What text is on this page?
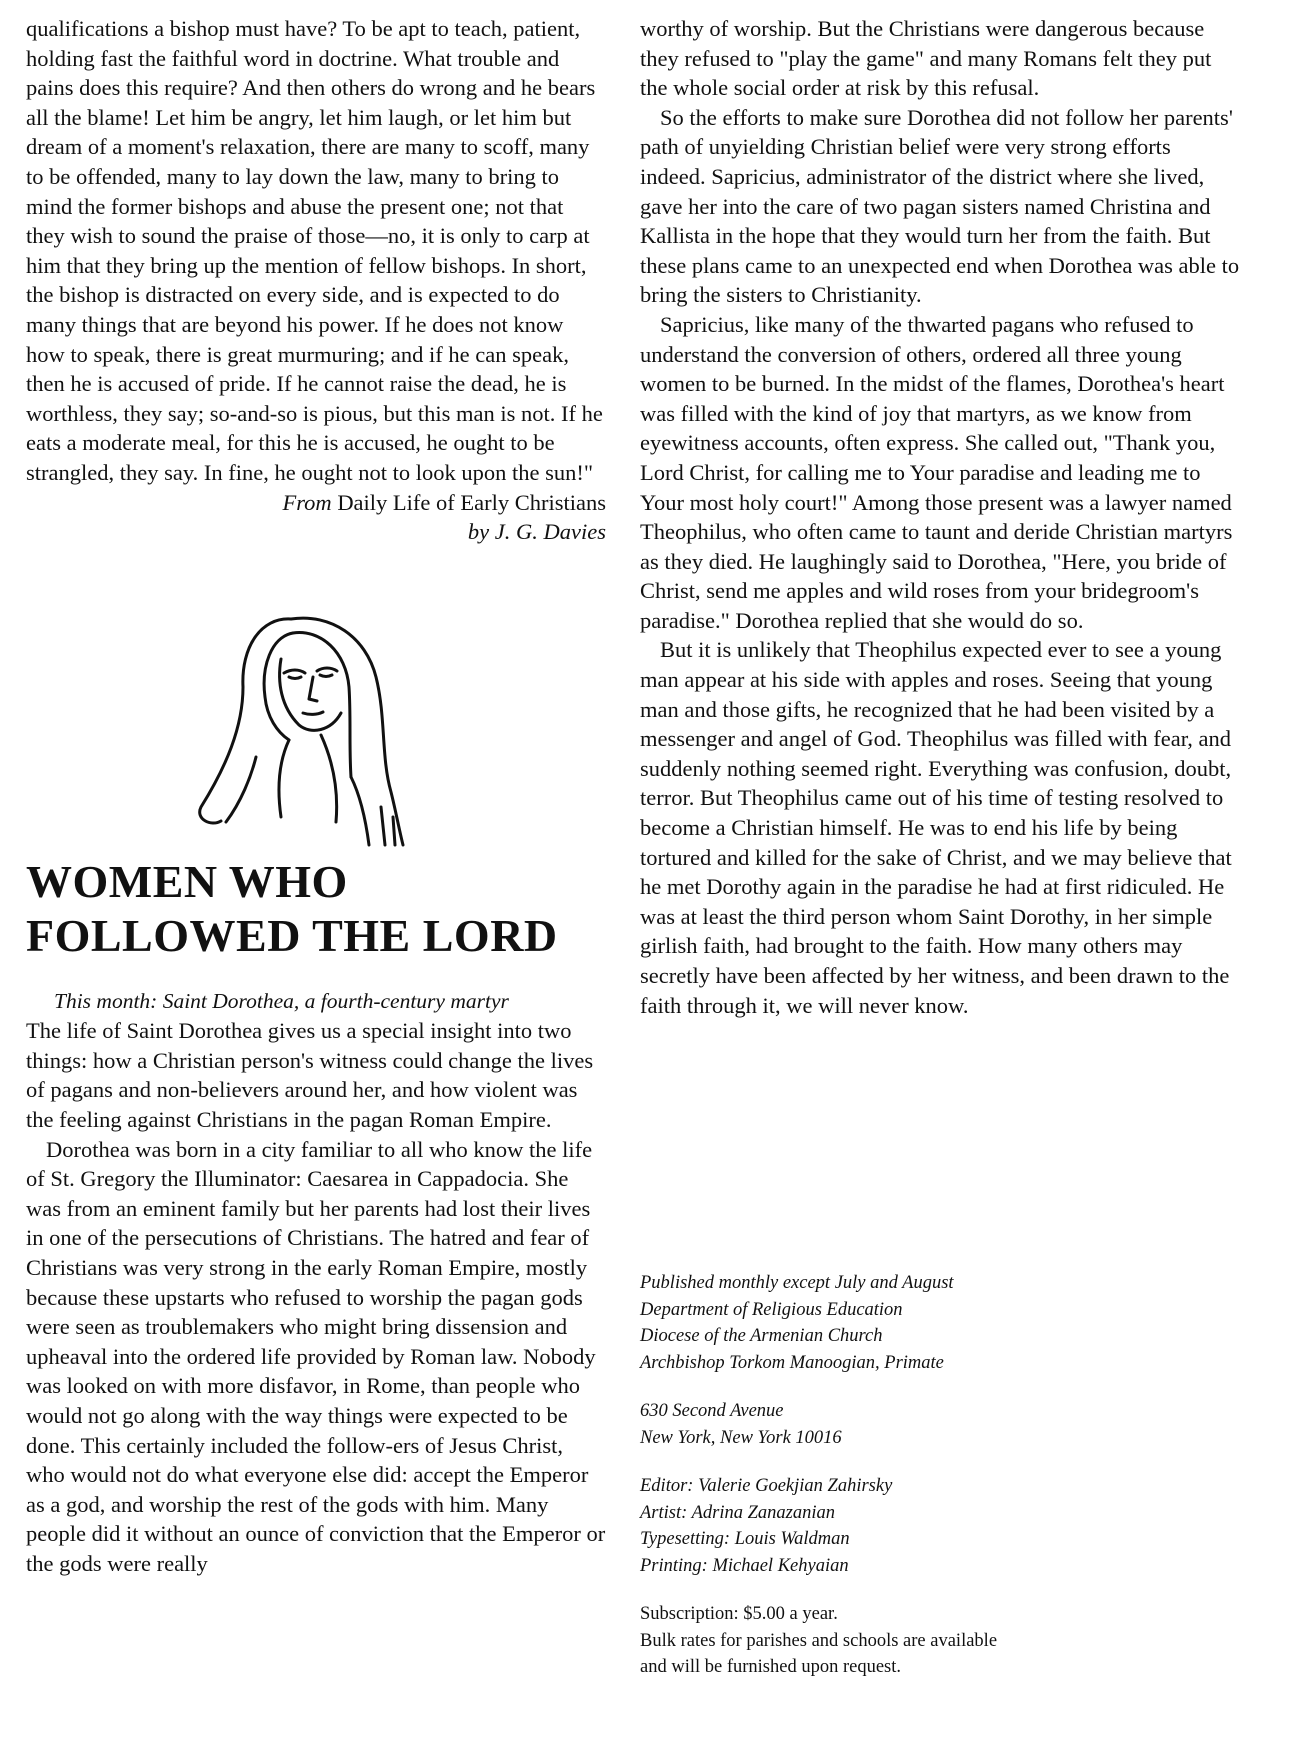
qualifications a bishop must have? To be apt to teach, patient, holding fast the faithful word in doctrine. What trouble and pains does this require? And then others do wrong and he bears all the blame! Let him be angry, let him laugh, or let him but dream of a moment's relaxation, there are many to scoff, many to be offended, many to lay down the law, many to bring to mind the former bishops and abuse the present one; not that they wish to sound the praise of those—no, it is only to carp at him that they bring up the mention of fellow bishops. In short, the bishop is distracted on every side, and is expected to do many things that are beyond his power. If he does not know how to speak, there is great murmuring; and if he can speak, then he is accused of pride. If he cannot raise the dead, he is worthless, they say; so-and-so is pious, but this man is not. If he eats a moderate meal, for this he is accused, he ought to be strangled, they say. In fine, he ought not to look upon the sun!"

From Daily Life of Early Christians

by J. G. Davies

WOMEN WHO
FOLLOWED THE LORD

This month: Saint Dorothea, a fourth-century martyr

The life of Saint Dorothea gives us a special insight into two things: how a Christian person's witness could change the lives of pagans and non-believers around her, and how violent was the feeling against Christians in the pagan Roman Empire.

Dorothea was born in a city familiar to all who know the life of St. Gregory the Illuminator: Caesarea in Cappadocia. She was from an eminent family but her parents had lost their lives in one of the persecutions of Christians. The hatred and fear of Christians was very strong in the early Roman Empire, mostly because these upstarts who refused to worship the pagan gods were seen as troublemakers who might bring dissension and upheaval into the ordered life provided by Roman law. Nobody was looked on with more disfavor, in Rome, than people who would not go along with the way things were expected to be done. This certainly included the follow-ers of Jesus Christ, who would not do what everyone else did: accept the Emperor as a god, and worship the rest of the gods with him. Many people did it without an ounce of conviction that the Emperor or the gods were really

worthy of worship. But the Christians were dangerous because they refused to "play the game" and many Romans felt they put the whole social order at risk by this refusal.

So the efforts to make sure Dorothea did not follow her parents' path of unyielding Christian belief were very strong efforts indeed. Sapricius, administrator of the district where she lived, gave her into the care of two pagan sisters named Christina and Kallista in the hope that they would turn her from the faith. But these plans came to an unexpected end when Dorothea was able to bring the sisters to Christianity.

Sapricius, like many of the thwarted pagans who refused to understand the conversion of others, ordered all three young women to be burned. In the midst of the flames, Dorothea's heart was filled with the kind of joy that martyrs, as we know from eyewitness accounts, often express. She called out, "Thank you, Lord Christ, for calling me to Your paradise and leading me to Your most holy court!" Among those present was a lawyer named Theophilus, who often came to taunt and deride Christian martyrs as they died. He laughingly said to Dorothea, "Here, you bride of Christ, send me apples and wild roses from your bridegroom's paradise." Dorothea replied that she would do so.

But it is unlikely that Theophilus expected ever to see a young man appear at his side with apples and roses. Seeing that young man and those gifts, he recognized that he had been visited by a messenger and angel of God. Theophilus was filled with fear, and suddenly nothing seemed right. Everything was confusion, doubt, terror. But Theophilus came out of his time of testing resolved to become a Christian himself. He was to end his life by being tortured and killed for the sake of Christ, and we may believe that he met Dorothy again in the paradise he had at first ridiculed. He was at least the third person whom Saint Dorothy, in her simple girlish faith, had brought to the faith. How many others may secretly have been affected by her witness, and been drawn to the faith through it, we will never know.

Published monthly except July and August
Department of Religious Education
Diocese of the Armenian Church
Archbishop Torkom Manoogian, Primate
630 Second Avenue
New York, New York 10016
Editor: Valerie Goekjian Zahirsky
Artist: Adrina Zanazanian
Typesetting: Louis Waldman
Printing: Michael Kehyaian
Subscription: $5.00 a year.
Bulk rates for parishes and schools are available
and will be furnished upon request.
